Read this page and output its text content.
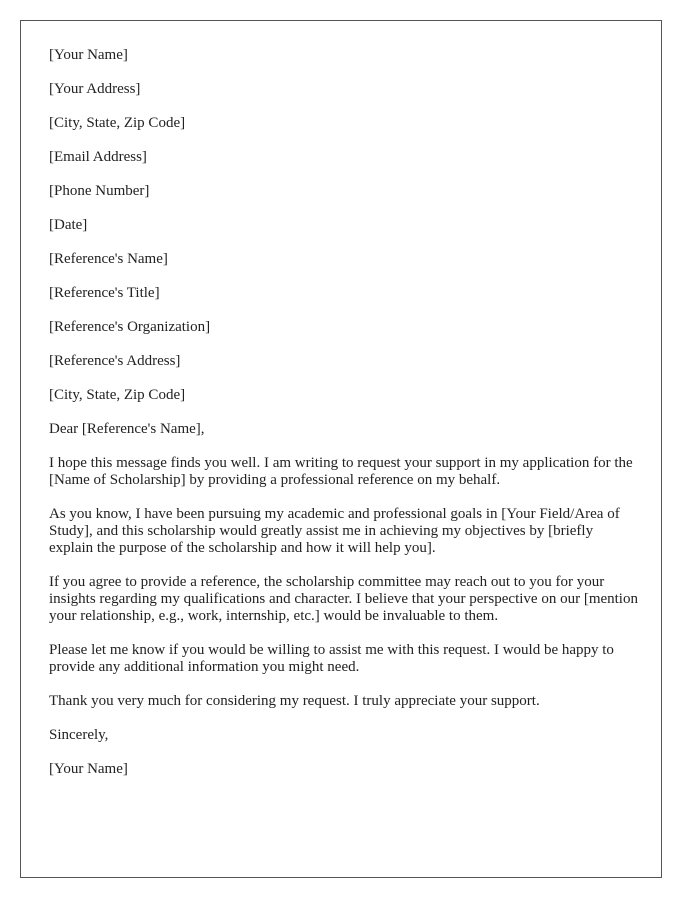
[Your Name]
[Your Address]
[City, State, Zip Code]
[Email Address]
[Phone Number]
[Date]
[Reference's Name]
[Reference's Title]
[Reference's Organization]
[Reference's Address]
[City, State, Zip Code]
Dear [Reference's Name],
I hope this message finds you well. I am writing to request your support in my application for the [Name of Scholarship] by providing a professional reference on my behalf.
As you know, I have been pursuing my academic and professional goals in [Your Field/Area of Study], and this scholarship would greatly assist me in achieving my objectives by [briefly explain the purpose of the scholarship and how it will help you].
If you agree to provide a reference, the scholarship committee may reach out to you for your insights regarding my qualifications and character. I believe that your perspective on our [mention your relationship, e.g., work, internship, etc.] would be invaluable to them.
Please let me know if you would be willing to assist me with this request. I would be happy to provide any additional information you might need.
Thank you very much for considering my request. I truly appreciate your support.
Sincerely,
[Your Name]
